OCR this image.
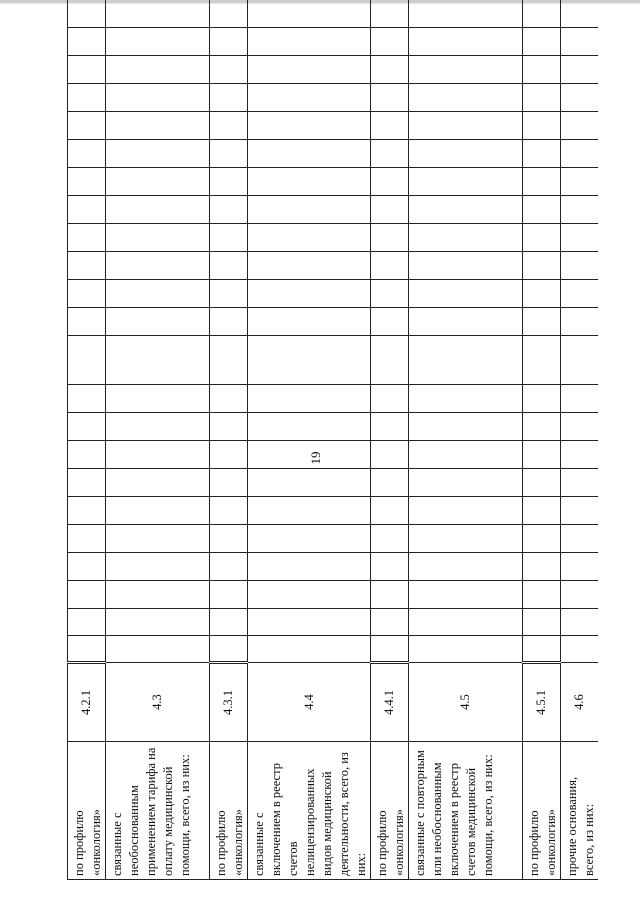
19
по профилю «онкология»	4.2.1																							
связанные с необоснованным применением тарифа на оплату медицинской помощи, всего, из них:	4.3																							
по профилю «онкология»	4.3.1																							
связанные с включением в реестр счетов нелицензированных видов медицинской деятельности, всего, из них:	4.4																							
по профилю «онкология»	4.4.1																							
связанные с повторным или необоснованным включением в реестр счетов медицинской помощи, всего, из них:	4.5																							
по профилю «онкология»	4.5.1																							
прочие основания, всего, из них:	4.6																							
